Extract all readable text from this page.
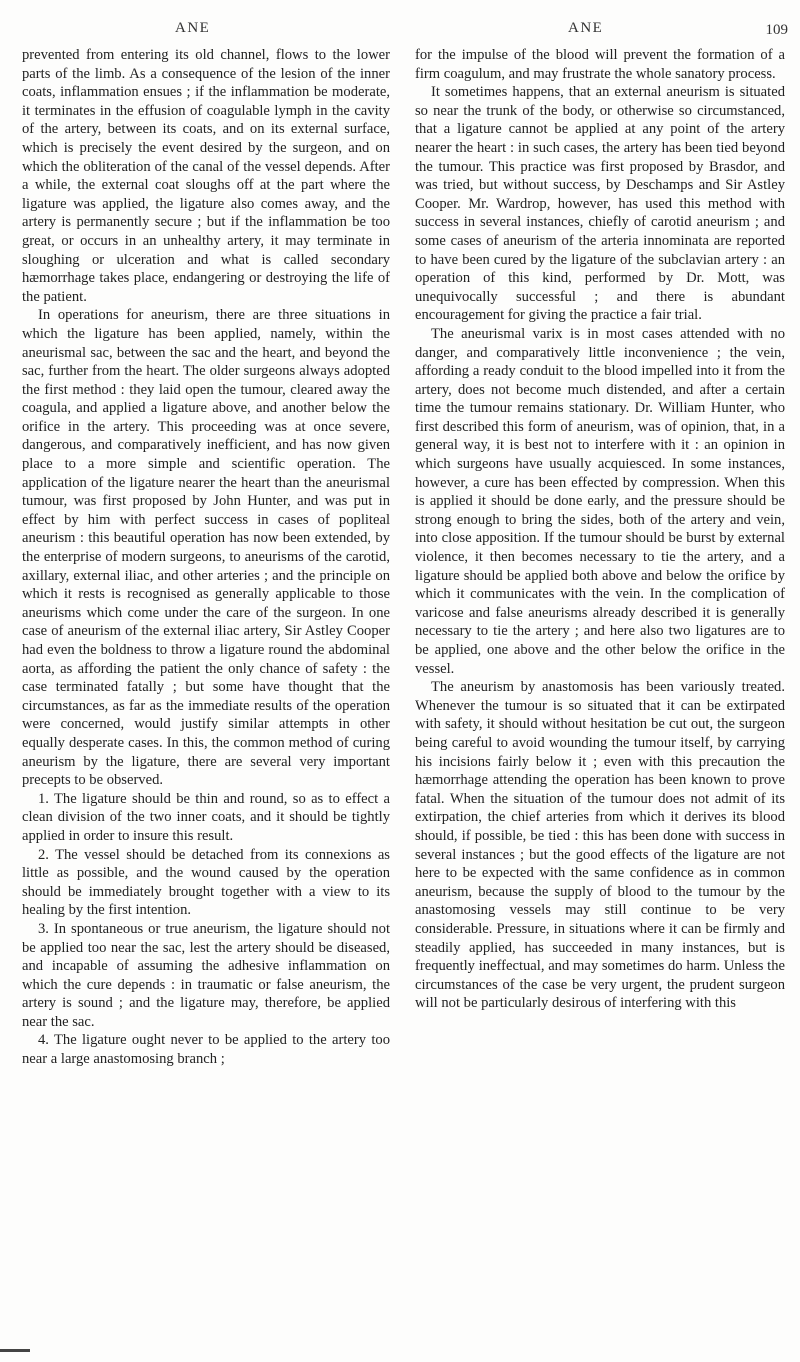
ANE	ANE	109

prevented from entering its old channel, flows to the lower parts of the limb. As a consequence of the lesion of the inner coats, inflammation ensues ; if the inflammation be moderate, it terminates in the effusion of coagulable lymph in the cavity of the artery, between its coats, and on its external surface, which is precisely the event desired by the surgeon, and on which the obliteration of the canal of the vessel depends. After a while, the external coat sloughs off at the part where the ligature was applied, the ligature also comes away, and the artery is permanently secure ; but if the inflammation be too great, or occurs in an unhealthy artery, it may terminate in sloughing or ulceration and what is called secondary hæmorrhage takes place, endangering or destroying the life of the patient.

In operations for aneurism, there are three situations in which the ligature has been applied, namely, within the aneurismal sac, between the sac and the heart, and beyond the sac, further from the heart. The older surgeons always adopted the first method : they laid open the tumour, cleared away the coagula, and applied a ligature above, and another below the orifice in the artery. This proceeding was at once severe, dangerous, and comparatively inefficient, and has now given place to a more simple and scientific operation. The application of the ligature nearer the heart than the aneurismal tumour, was first proposed by John Hunter, and was put in effect by him with perfect success in cases of popliteal aneurism : this beautiful operation has now been extended, by the enterprise of modern surgeons, to aneurisms of the carotid, axillary, external iliac, and other arteries ; and the principle on which it rests is recognised as generally applicable to those aneurisms which come under the care of the surgeon. In one case of aneurism of the external iliac artery, Sir Astley Cooper had even the boldness to throw a ligature round the abdominal aorta, as affording the patient the only chance of safety : the case terminated fatally ; but some have thought that the circumstances, as far as the immediate results of the operation were concerned, would justify similar attempts in other equally desperate cases. In this, the common method of curing aneurism by the ligature, there are several very important precepts to be observed.

1. The ligature should be thin and round, so as to effect a clean division of the two inner coats, and it should be tightly applied in order to insure this result.

2. The vessel should be detached from its connexions as little as possible, and the wound caused by the operation should be immediately brought together with a view to its healing by the first intention.

3. In spontaneous or true aneurism, the ligature should not be applied too near the sac, lest the artery should be diseased, and incapable of assuming the adhesive inflammation on which the cure depends : in traumatic or false aneurism, the artery is sound ; and the ligature may, therefore, be applied near the sac.

4. The ligature ought never to be applied to the artery too near a large anastomosing branch ;

for the impulse of the blood will prevent the formation of a firm coagulum, and may frustrate the whole sanatory process.

It sometimes happens, that an external aneurism is situated so near the trunk of the body, or otherwise so circumstanced, that a ligature cannot be applied at any point of the artery nearer the heart : in such cases, the artery has been tied beyond the tumour. This practice was first proposed by Brasdor, and was tried, but without success, by Deschamps and Sir Astley Cooper. Mr. Wardrop, however, has used this method with success in several instances, chiefly of carotid aneurism ; and some cases of aneurism of the arteria innominata are reported to have been cured by the ligature of the subclavian artery : an operation of this kind, performed by Dr. Mott, was unequivocally successful ; and there is abundant encouragement for giving the practice a fair trial.

The aneurismal varix is in most cases attended with no danger, and comparatively little inconvenience ; the vein, affording a ready conduit to the blood impelled into it from the artery, does not become much distended, and after a certain time the tumour remains stationary. Dr. William Hunter, who first described this form of aneurism, was of opinion, that, in a general way, it is best not to interfere with it : an opinion in which surgeons have usually acquiesced. In some instances, however, a cure has been effected by compression. When this is applied it should be done early, and the pressure should be strong enough to bring the sides, both of the artery and vein, into close apposition. If the tumour should be burst by external violence, it then becomes necessary to tie the artery, and a ligature should be applied both above and below the orifice by which it communicates with the vein. In the complication of varicose and false aneurisms already described it is generally necessary to tie the artery ; and here also two ligatures are to be applied, one above and the other below the orifice in the vessel.

The aneurism by anastomosis has been variously treated. Whenever the tumour is so situated that it can be extirpated with safety, it should without hesitation be cut out, the surgeon being careful to avoid wounding the tumour itself, by carrying his incisions fairly below it ; even with this precaution the hæmorrhage attending the operation has been known to prove fatal. When the situation of the tumour does not admit of its extirpation, the chief arteries from which it derives its blood should, if possible, be tied : this has been done with success in several instances ; but the good effects of the ligature are not here to be expected with the same confidence as in common aneurism, because the supply of blood to the tumour by the anastomosing vessels may still continue to be very considerable. Pressure, in situations where it can be firmly and steadily applied, has succeeded in many instances, but is frequently ineffectual, and may sometimes do harm. Unless the circumstances of the case be very urgent, the prudent surgeon will not be particularly desirous of interfering with this
